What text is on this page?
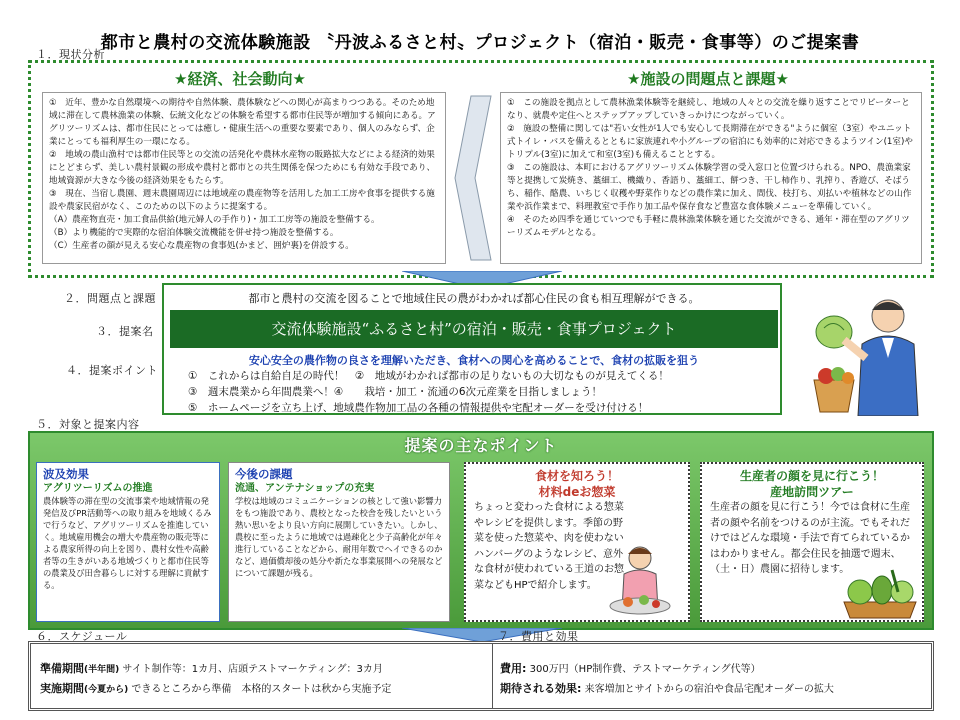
都市と農村の交流体験施設 〝丹波ふるさと村〟プロジェクト（宿泊・販売・食事等）のご提案書
１．現状分析
★経済、社会動向★	★施設の問題点と課題★

①　近年、豊かな自然環境への期待や自然体験、農体験などへの関心が高まりつつある。そのため地域に滞在して農林漁業の体験、伝統文化などの体験を希望する都市住民等が増加する傾向にある。アグリツーリズムは、都市住民にとっては癒し・健康生活への重要な要素であり、個人のみならず、企業にとっても福利厚生の一環になる。

②　地域の農山漁村では都市住民等との交流の活発化や農林水産物の販路拡大などによる経済的効果にとどまらず、美しい農村景観の形成や農村と都市との共生関係を保つためにも有効な手段であり、地域資源が大きな今後の経済効果をもたらす。

③　現在、当宿し農園、週末農園周辺には地域産の農産物等を活用した加工工房や食事を提供する施設や農家民宿がなく、このための以下のように提案する。

（A）農産物直売・加工食品供給(地元婦人の手作り)・加工工房等の施設を整備する。

（B）より機能的で実際的な宿泊体験交流機能を併せ持つ施設を整備する。

（C）生産者の顔が見える安心な農産物の食事処(かまど、囲炉裏)を併設する。

①　この施設を拠点として農林漁業体験等を継続し、地域の人々との交流を繰り返すことでリピーターとなり、就農や定住へとステップアップしていきっかけにつながっていく。

②　施設の整備に関しては"若い女性が1人でも安心して長期滞在ができる"ように個室（3室）やユニット式トイレ・バスを備えるとともに家族連れや小グループの宿泊にも効率的に対応できるようツイン(1室)やトリプル(3室)に加えて和室(3室)も備えることとする。

③　この施設は、本町におけるアグリツーリズム体験学習の受入窓口と位置づけられる。NPO、農漁業家等と提携して炭焼き、藁細工、機織り、香語り、藁細工、餅つき、干し柿作り、乳搾り、香遊び、そばうち、稲作、酪農、いちじく収穫や野菜作りなどの農作業に加え、間伐、枝打ち、刈払いや植林などの山作業や浜作業まで、料理教室で手作り加工品や保存食など豊富な食体験メニューを準備していく。

④　そのため四季を通じていつでも手軽に農林漁業体験を通じた交流ができる、通年・滞在型のアグリツーリズムモデルとなる。

２．問題点と課題
３．提案名
４．提案ポイント
都市と農村の交流を図ることで地域住民の農がわかれば都心住民の食も相互理解ができる。
交流体験施設“ふるさと村”の宿泊・販売・食事プロジェクト
安心安全の農作物の良さを理解いただき、食材への関心を高めることで、食材の拡販を狙う
①　これからは自給自足の時代！　②　地域がわかれば都市の足りないもの大切なものが見えてくる！
③　週末農業から年間農業へ！④　　栽培・加工・流通の6次元産業を目指しましょう！
⑤　ホームページを立ち上げ、地域農作物加工品の各種の情報提供や宅配オーダーを受け付ける！
５．対象と提案内容
提案の主なポイント
波及効果
アグリツーリズムの推進
農体験等の滞在型の交流事業や地域情報の発発信及びPR活動等への取り組みを地域くるみで行うなど、アグリツーリズムを推進していく。地域雇用機会の増大や農産物の販売等による農家所得の向上を図り、農村女性や高齢者等の生きがいある地域づくりと都市住民等の農業及び田舎暮らしに対する理解に貢献する。
今後の課題
流通、アンテナショップの充実
学校は地域のコミュニケーションの核として強い影響力をもつ施設であり、農校となった校舎を残したいという熱い思いをより良い方向に展開していきたい。しかし、農校に至ったように地域では過疎化と少子高齢化が年々進行していることなどから、耐用年数でへイできるのかなど、過価償却後の処分や新たな事業展開への発展などについて課題が残る。
食材を知ろう！
材料deお惣菜
ちょっと変わった食材による惣菜やレシピを提供します。季節の野菜を使った惣菜や、肉を使わないハンバーグのようなレシピ、意外な食材が使われている王道のお惣菜などもHPで紹介します。
生産者の顔を見に行こう！
産地訪問ツアー
生産者の顔を見に行こう！今では食材に生産者の顔や名前をつけるのが主流。でもそれだけではどんな環境・手法で育てられているかはわかりません。都会住民を抽選で週末、（土・日）農園に招待します。
６．スケジュール	７．費用と効果
準備期間(半年間) サイト制作等：1カ月、店頭テストマーケティング：3カ月
実施期間(今夏から) できるところから準備　本格的スタートは秋から実施予定
費用: 300万円（HP制作費、テストマーケティング代等）
期待される効果: 来客増加とサイトからの宿泊や食品宅配オーダーの拡大
